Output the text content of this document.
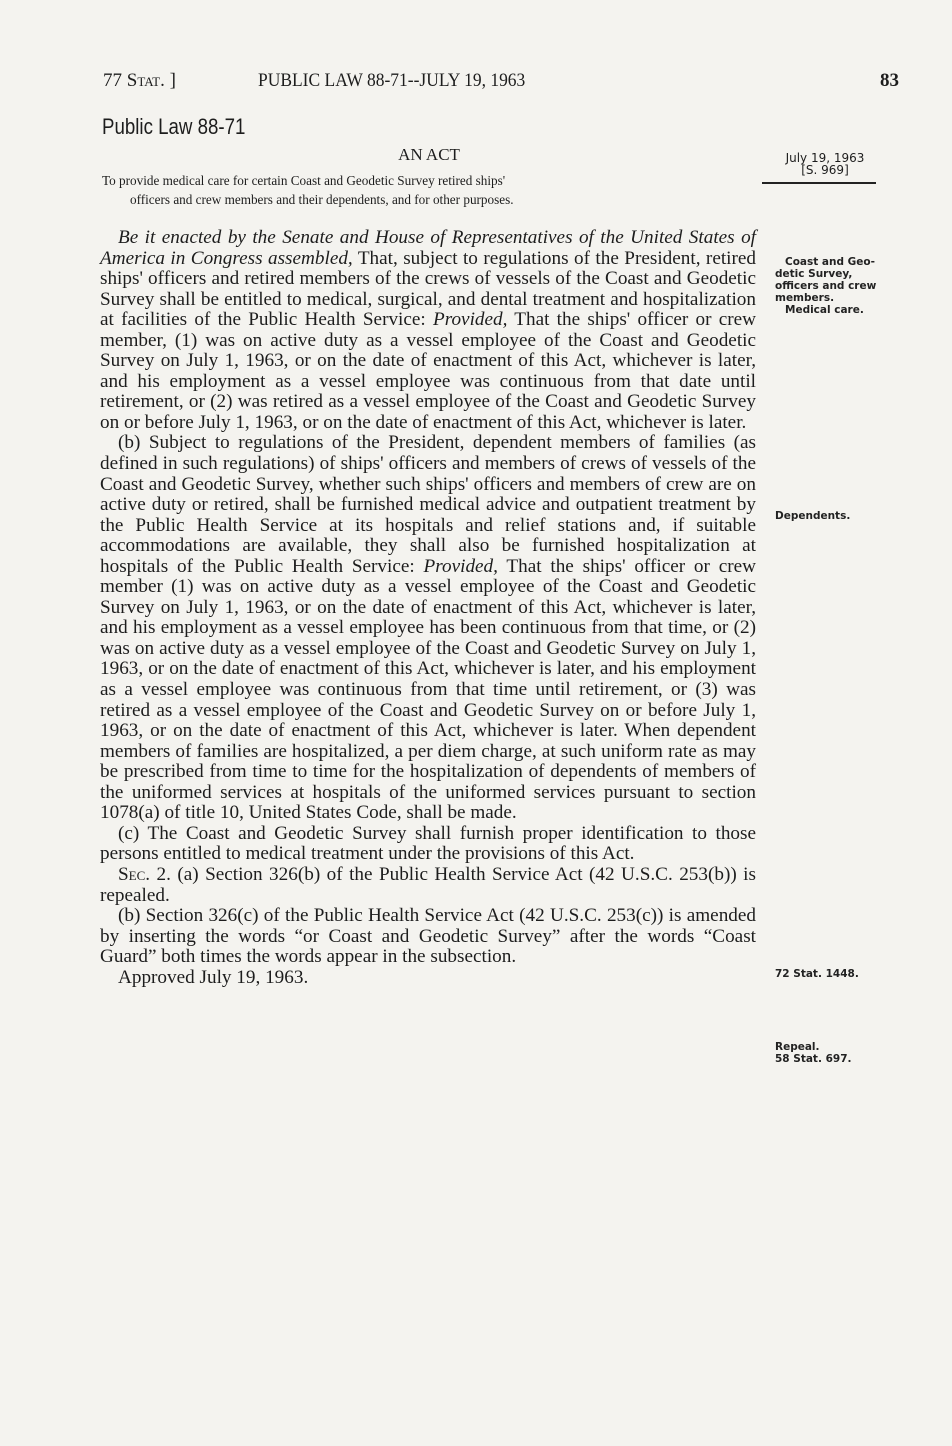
77 Stat. ]	PUBLIC LAW 88-71--JULY 19, 1963	83
Public Law 88-71
AN ACT
To provide medical care for certain Coast and Geodetic Survey retired ships'
officers and crew members and their dependents, and for other purposes.
July 19, 1963
[S. 969]

Be it enacted by the Senate and House of Representatives of the United States of America in Congress assembled, That, subject to regulations of the President, retired ships' officers and retired members of the crews of vessels of the Coast and Geodetic Survey shall be entitled to medical, surgical, and dental treatment and hospitalization at facilities of the Public Health Service: Provided, That the ships' officer or crew member, (1) was on active duty as a vessel employee of the Coast and Geodetic Survey on July 1, 1963, or on the date of enactment of this Act, whichever is later, and his employment as a vessel employee was continuous from that date until retirement, or (2) was retired as a vessel employee of the Coast and Geodetic Survey on or before July 1, 1963, or on the date of enactment of this Act, whichever is later.

(b) Subject to regulations of the President, dependent members of families (as defined in such regulations) of ships' officers and members of crews of vessels of the Coast and Geodetic Survey, whether such ships' officers and members of crew are on active duty or retired, shall be furnished medical advice and outpatient treatment by the Public Health Service at its hospitals and relief stations and, if suitable accommodations are available, they shall also be furnished hospitalization at hospitals of the Public Health Service: Provided, That the ships' officer or crew member (1) was on active duty as a vessel employee of the Coast and Geodetic Survey on July 1, 1963, or on the date of enactment of this Act, whichever is later, and his employment as a vessel employee has been continuous from that time, or (2) was on active duty as a vessel employee of the Coast and Geodetic Survey on July 1, 1963, or on the date of enactment of this Act, whichever is later, and his employment as a vessel employee was continuous from that time until retirement, or (3) was retired as a vessel employee of the Coast and Geodetic Survey on or before July 1, 1963, or on the date of enactment of this Act, whichever is later. When dependent members of families are hospitalized, a per diem charge, at such uniform rate as may be prescribed from time to time for the hospitalization of dependents of members of the uniformed services at hospitals of the uniformed services pursuant to section 1078(a) of title 10, United States Code, shall be made.

(c) The Coast and Geodetic Survey shall furnish proper identification to those persons entitled to medical treatment under the provisions of this Act.

Sec. 2. (a) Section 326(b) of the Public Health Service Act (42 U.S.C. 253(b)) is repealed.

(b) Section 326(c) of the Public Health Service Act (42 U.S.C. 253(c)) is amended by inserting the words “or Coast and Geodetic Survey” after the words “Coast Guard” both times the words appear in the subsection.

Approved July 19, 1963.

Coast and Geo-
detic Survey,
officers and crew
members.
Medical care.
Dependents.
72 Stat. 1448.
Repeal.
58 Stat. 697.
